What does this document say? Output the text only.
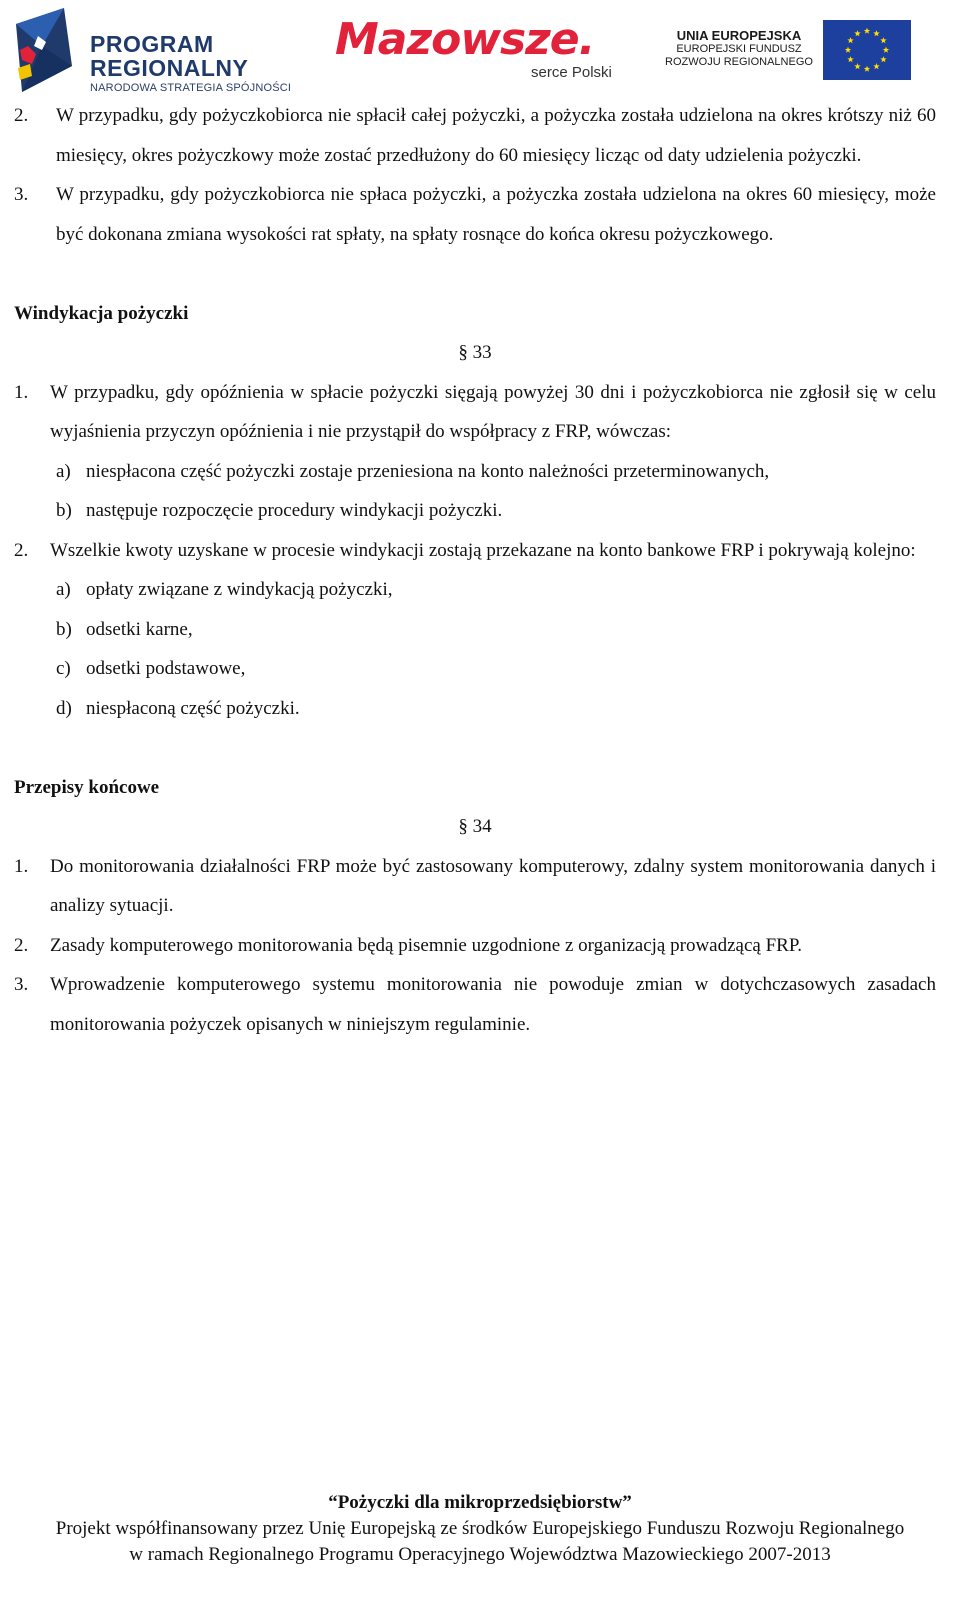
PROGRAM
REGIONALNY
NARODOWA STRATEGIA SPÓJNOŚCI
Mazowsze.
serce Polski
UNIA EUROPEJSKA
EUROPEJSKI FUNDUSZ
ROZWOJU REGIONALNEGO
2. W przypadku, gdy pożyczkobiorca nie spłacił całej pożyczki, a pożyczka została udzielona na okres krótszy niż 60 miesięcy, okres pożyczkowy może zostać przedłużony do 60 miesięcy licząc od daty udzielenia pożyczki.
3. W przypadku, gdy pożyczkobiorca nie spłaca pożyczki, a pożyczka została udzielona na okres 60 miesięcy, może być dokonana zmiana wysokości rat spłaty, na spłaty rosnące do końca okresu pożyczkowego.
Windykacja pożyczki
§ 33
1. W przypadku, gdy opóźnienia w spłacie pożyczki sięgają powyżej 30 dni i pożyczkobiorca nie zgłosił się w celu wyjaśnienia przyczyn opóźnienia i nie przystąpił do współpracy z FRP, wówczas:
a) niespłacona część pożyczki zostaje przeniesiona na konto należności przeterminowanych,
b) następuje rozpoczęcie procedury windykacji pożyczki.
2. Wszelkie kwoty uzyskane w procesie windykacji zostają przekazane na konto bankowe FRP i pokrywają kolejno:
a) opłaty związane z windykacją pożyczki,
b) odsetki karne,
c) odsetki podstawowe,
d) niespłaconą część pożyczki.
Przepisy końcowe
§ 34
1. Do monitorowania działalności FRP może być zastosowany komputerowy, zdalny system monitorowania danych i analizy sytuacji.
2. Zasady komputerowego monitorowania będą pisemnie uzgodnione z organizacją prowadzącą FRP.
3. Wprowadzenie komputerowego systemu monitorowania nie powoduje zmian w dotychczasowych zasadach monitorowania pożyczek opisanych w niniejszym regulaminie.
“Pożyczki dla mikroprzedsiębiorstw”
Projekt współfinansowany przez Unię Europejską ze środków Europejskiego Funduszu Rozwoju Regionalnego
w ramach Regionalnego Programu Operacyjnego Województwa Mazowieckiego 2007-2013
